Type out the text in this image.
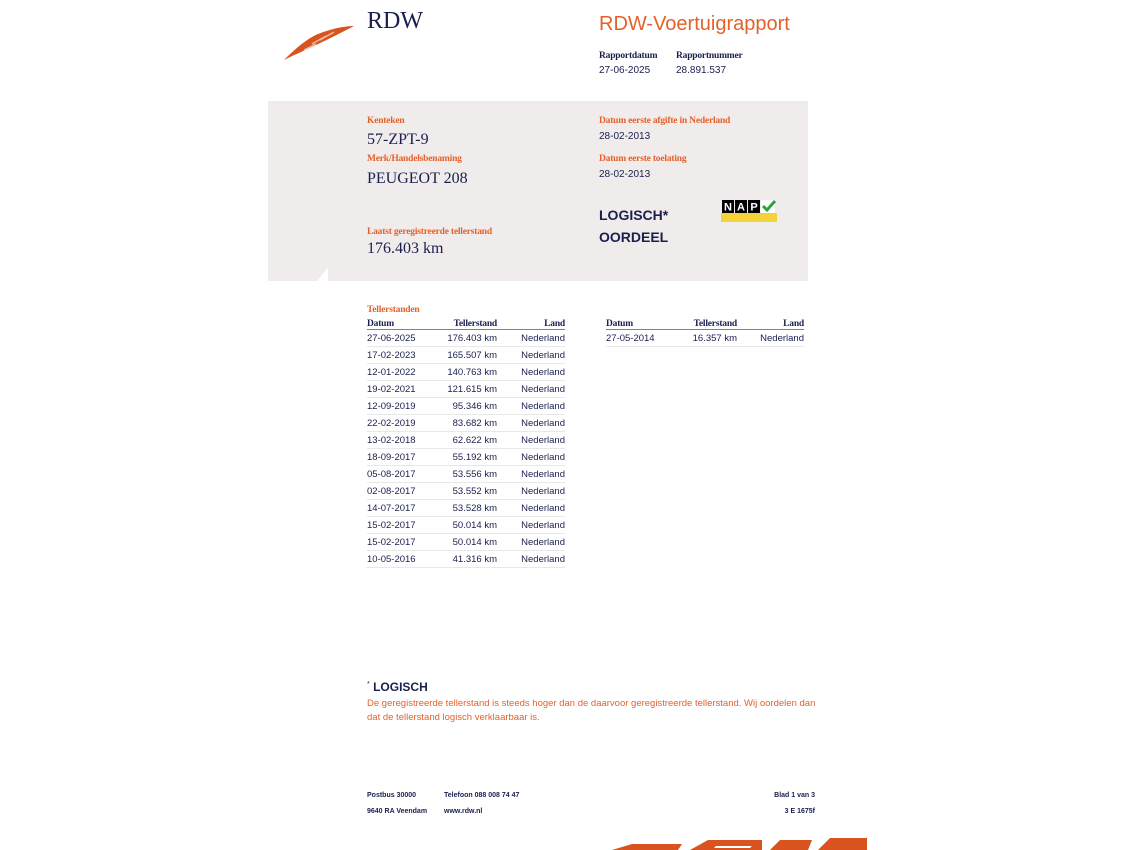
RDW	RDW-Voertuigrapport
Rapportdatum Rapportnummer
27-06-2025	28.891.537
Kenteken
57-ZPT-9
Merk/Handelsbenaming
PEUGEOT 208
Laatst geregistreerde tellerstand
176.403 km
Datum eerste afgifte in Nederland
28-02-2013
Datum eerste toelating
28-02-2013
LOGISCH*
OORDEEL
N A P
Tellerstanden
Datum	Tellerstand	Land
27-06-2025	176.403 km	Nederland
17-02-2023	165.507 km	Nederland
12-01-2022	140.763 km	Nederland
19-02-2021	121.615 km	Nederland
12-09-2019	95.346 km	Nederland
22-02-2019	83.682 km	Nederland
13-02-2018	62.622 km	Nederland
18-09-2017	55.192 km	Nederland
05-08-2017	53.556 km	Nederland
02-08-2017	53.552 km	Nederland
14-07-2017	53.528 km	Nederland
15-02-2017	50.014 km	Nederland
15-02-2017	50.014 km	Nederland
10-05-2016	41.316 km	Nederland
Datum	Tellerstand	Land
27-05-2014	16.357 km	Nederland
* LOGISCH
De geregistreerde tellerstand is steeds hoger dan de daarvoor geregistreerde tellerstand. Wij oordelen dan dat de tellerstand logisch verklaarbaar is.
Postbus 30000
9640 RA Veendam
Telefoon 088 008 74 47
www.rdw.nl
Blad 1 van 3
3 E 1675f
